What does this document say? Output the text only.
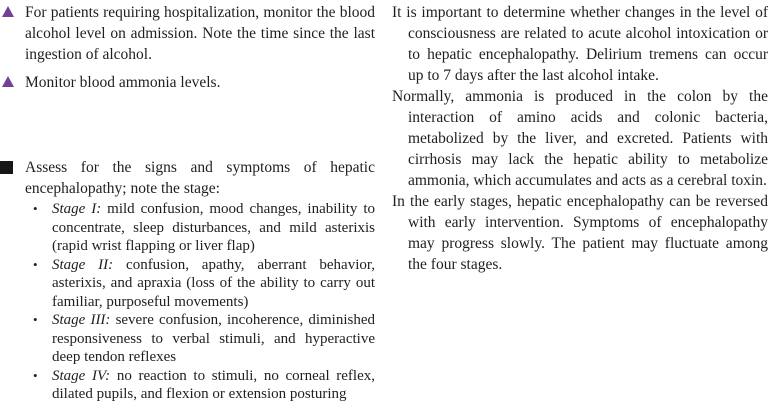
For patients requiring hospitalization, monitor the blood alcohol level on admission. Note the time since the last ingestion of alcohol.
Monitor blood ammonia levels.
Assess for the signs and symptoms of hepatic encephalopathy; note the stage:
• Stage I: mild confusion, mood changes, inability to concentrate, sleep disturbances, and mild asterixis (rapid wrist flapping or liver flap)
• Stage II: confusion, apathy, aberrant behavior, asterixis, and apraxia (loss of the ability to carry out familiar, purposeful movements)
• Stage III: severe confusion, incoherence, diminished responsiveness to verbal stimuli, and hyperactive deep tendon reflexes
• Stage IV: no reaction to stimuli, no corneal reflex, dilated pupils, and flexion or extension posturing

It is important to determine whether changes in the level of consciousness are related to acute alcohol intoxication or to hepatic encephalopathy. Delirium tremens can occur up to 7 days after the last alcohol intake.

Normally, ammonia is produced in the colon by the interaction of amino acids and colonic bacteria, metabolized by the liver, and excreted. Patients with cirrhosis may lack the hepatic ability to metabolize ammonia, which accumulates and acts as a cerebral toxin.

In the early stages, hepatic encephalopathy can be reversed with early intervention. Symptoms of encephalopathy may progress slowly. The patient may fluctuate among the four stages.
